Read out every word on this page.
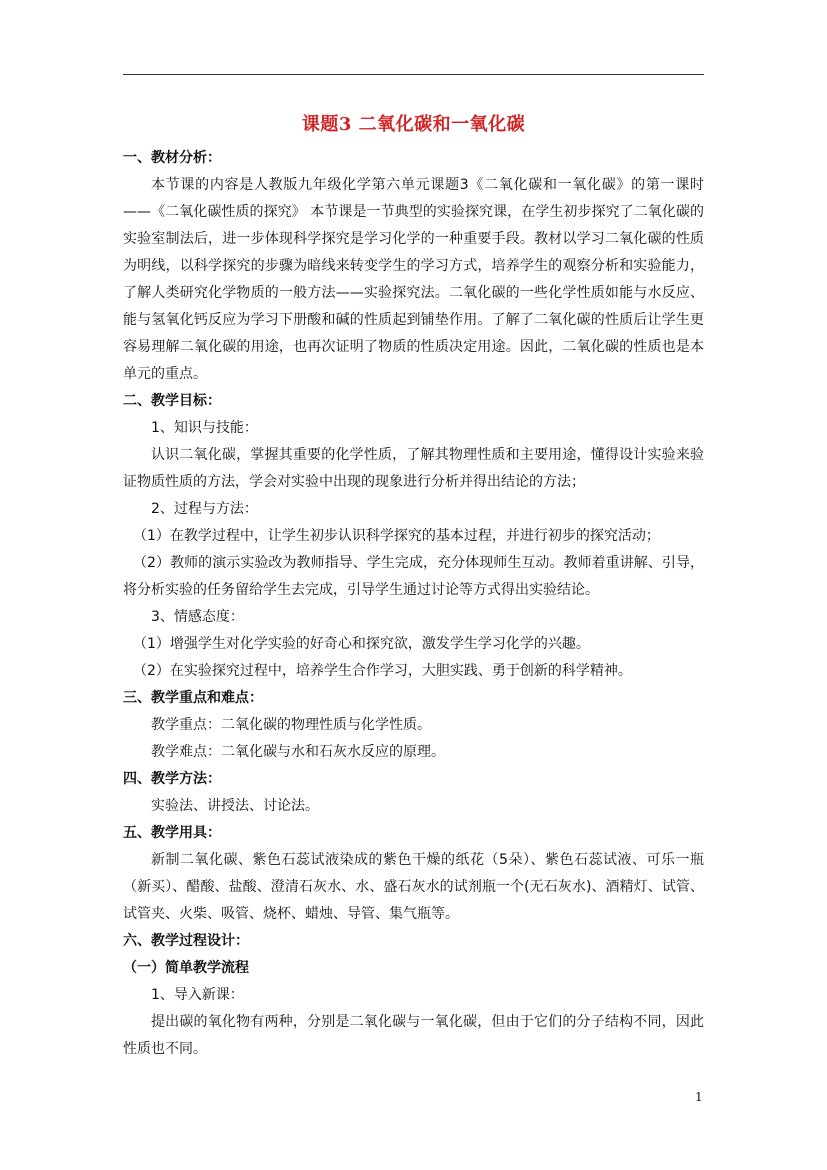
课题3 二氧化碳和一氧化碳

一、教材分析：

本节课的内容是人教版九年级化学第六单元课题3《二氧化碳和一氧化碳》的第一课时——《二氧化碳性质的探究》 本节课是一节典型的实验探究课，在学生初步探究了二氧化碳的实验室制法后，进一步体现科学探究是学习化学的一种重要手段。教材以学习二氧化碳的性质为明线，以科学探究的步骤为暗线来转变学生的学习方式，培养学生的观察分析和实验能力，了解人类研究化学物质的一般方法——实验探究法。二氧化碳的一些化学性质如能与水反应、能与氢氧化钙反应为学习下册酸和碱的性质起到铺垫作用。了解了二氧化碳的性质后让学生更容易理解二氧化碳的用途，也再次证明了物质的性质决定用途。因此，二氧化碳的性质也是本单元的重点。

二、教学目标：

1、知识与技能：

认识二氧化碳，掌握其重要的化学性质，了解其物理性质和主要用途，懂得设计实验来验证物质性质的方法，学会对实验中出现的现象进行分析并得出结论的方法；

2、过程与方法：

（1）在教学过程中，让学生初步认识科学探究的基本过程，并进行初步的探究活动；

（2）教师的演示实验改为教师指导、学生完成，充分体现师生互动。教师着重讲解、引导，将分析实验的任务留给学生去完成，引导学生通过讨论等方式得出实验结论。

3、情感态度：

（1）增强学生对化学实验的好奇心和探究欲，激发学生学习化学的兴趣。

（2）在实验探究过程中，培养学生合作学习，大胆实践、勇于创新的科学精神。

三、教学重点和难点：

教学重点：二氧化碳的物理性质与化学性质。

教学难点：二氧化碳与水和石灰水反应的原理。

四、教学方法：

实验法、讲授法、讨论法。

五、教学用具：

新制二氧化碳、紫色石蕊试液染成的紫色干燥的纸花（5朵）、紫色石蕊试液、可乐一瓶（新买）、醋酸、盐酸、澄清石灰水、水、盛石灰水的试剂瓶一个(无石灰水)、酒精灯、试管、试管夹、火柴、吸管、烧杯、蜡烛、导管、集气瓶等。

六、教学过程设计：

（一）简单教学流程

1、导入新课：

提出碳的氧化物有两种，分别是二氧化碳与一氧化碳，但由于它们的分子结构不同，因此性质也不同。

1
